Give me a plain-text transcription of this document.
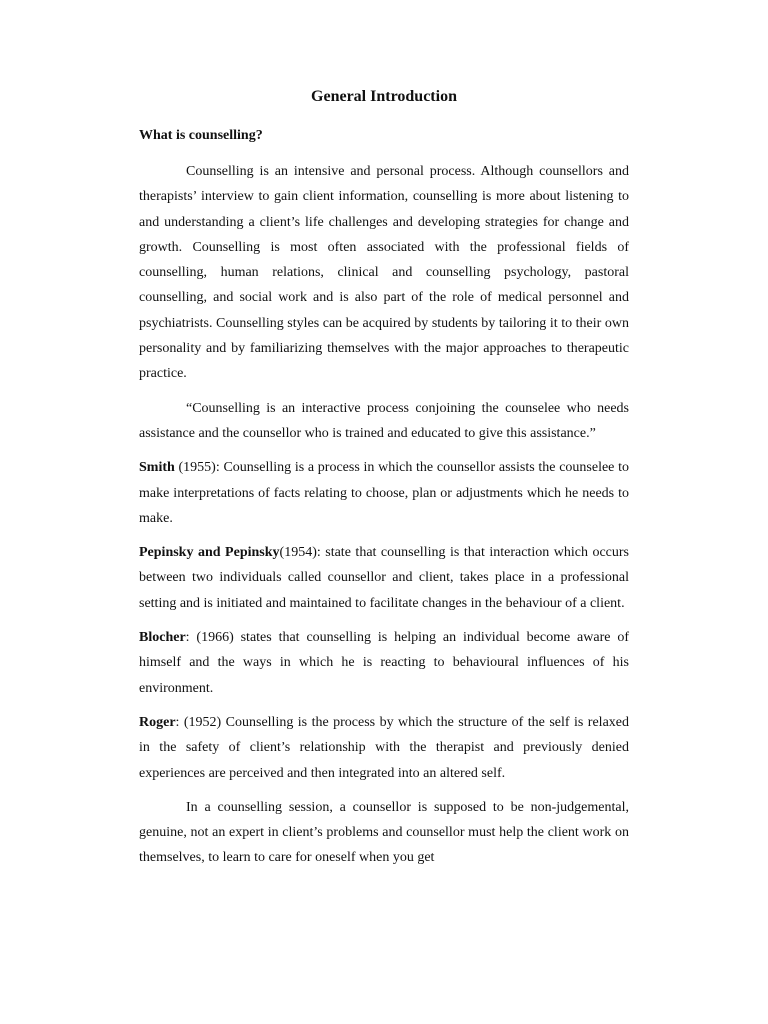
General Introduction
What is counselling?

Counselling is an intensive and personal process. Although counsellors and therapists’ interview to gain client information, counselling is more about listening to and understanding a client’s life challenges and developing strategies for change and growth. Counselling is most often associated with the professional fields of counselling, human relations, clinical and counselling psychology, pastoral counselling, and social work and is also part of the role of medical personnel and psychiatrists. Counselling styles can be acquired by students by tailoring it to their own personality and by familiarizing themselves with the major approaches to therapeutic practice.

“Counselling is an interactive process conjoining the counselee who needs assistance and the counsellor who is trained and educated to give this assistance.”

Smith (1955): Counselling is a process in which the counsellor assists the counselee to make interpretations of facts relating to choose, plan or adjustments which he needs to make.

Pepinsky and Pepinsky(1954): state that counselling is that interaction which occurs between two individuals called counsellor and client, takes place in a professional setting and is initiated and maintained to facilitate changes in the behaviour of a client.

Blocher: (1966) states that counselling is helping an individual become aware of himself and the ways in which he is reacting to behavioural influences of his environment.

Roger: (1952) Counselling is the process by which the structure of the self is relaxed in the safety of client’s relationship with the therapist and previously denied experiences are perceived and then integrated into an altered self.

In a counselling session, a counsellor is supposed to be non-judgemental, genuine, not an expert in client’s problems and counsellor must help the client work on themselves, to learn to care for oneself when you get
